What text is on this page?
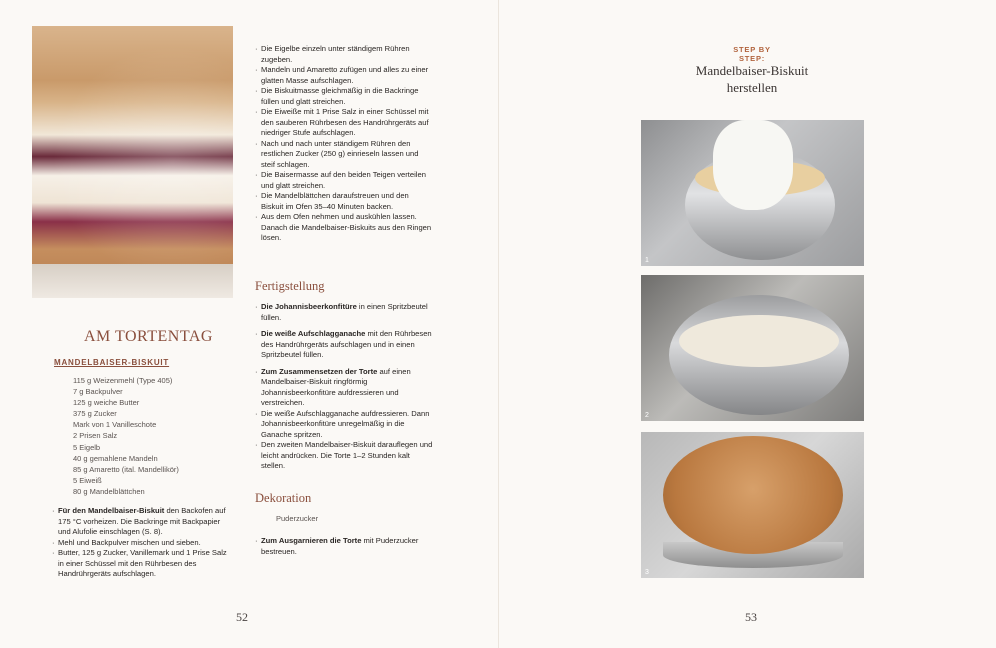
AM TORTENTAG
MANDELBAISER-BISKUIT
115 g Weizenmehl (Type 405)
7 g Backpulver
125 g weiche Butter
375 g Zucker
Mark von 1 Vanilleschote
2 Prisen Salz
5 Eigelb
40 g gemahlene Mandeln
85 g Amaretto (ital. Mandellikör)
5 Eiweiß
80 g Mandelblättchen
· Für den Mandelbaiser-Biskuit den Backofen auf 175 °C vorheizen. Die Backringe mit Backpapier und Alufolie einschlagen (S. 8).
· Mehl und Backpulver mischen und sieben.
· Butter, 125 g Zucker, Vanillemark und 1 Prise Salz in einer Schüssel mit den Rührbesen des Handrührgeräts aufschlagen.
· Die Eigelbe einzeln unter ständigem Rühren zugeben.
· Mandeln und Amaretto zufügen und alles zu einer glatten Masse aufschlagen.
· Die Biskuitmasse gleichmäßig in die Backringe füllen und glatt streichen.
· Die Eiweiße mit 1 Prise Salz in einer Schüssel mit den sauberen Rührbesen des Handrührgeräts auf niedriger Stufe aufschlagen.
· Nach und nach unter ständigem Rühren den restlichen Zucker (250 g) einrieseln lassen und steif schlagen.
· Die Baisermasse auf den beiden Teigen verteilen und glatt streichen.
· Die Mandelblättchen daraufstreuen und den Biskuit im Ofen 35–40 Minuten backen.
· Aus dem Ofen nehmen und auskühlen lassen. Danach die Mandelbaiser-Biskuits aus den Ringen lösen.
Fertigstellung
· Die Johannisbeerkonfitüre in einen Spritzbeutel füllen.
· Die weiße Aufschlagganache mit den Rührbesen des Handrührgeräts aufschlagen und in einen Spritzbeutel füllen.
· Zum Zusammensetzen der Torte auf einen Mandelbaiser-Biskuit ringförmig Johannisbeerkonfitüre aufdressieren und verstreichen.
· Die weiße Aufschlagganache aufdressieren. Dann Johannisbeerkonfitüre unregelmäßig in die Ganache spritzen.
· Den zweiten Mandelbaiser-Biskuit darauflegen und leicht andrücken. Die Torte 1–2 Stunden kalt stellen.
Dekoration
Puderzucker
· Zum Ausgarnieren die Torte mit Puderzucker bestreuen.
52
STEP BY STEP:
Mandelbaiser-Biskuit
herstellen
1
2
3
53
